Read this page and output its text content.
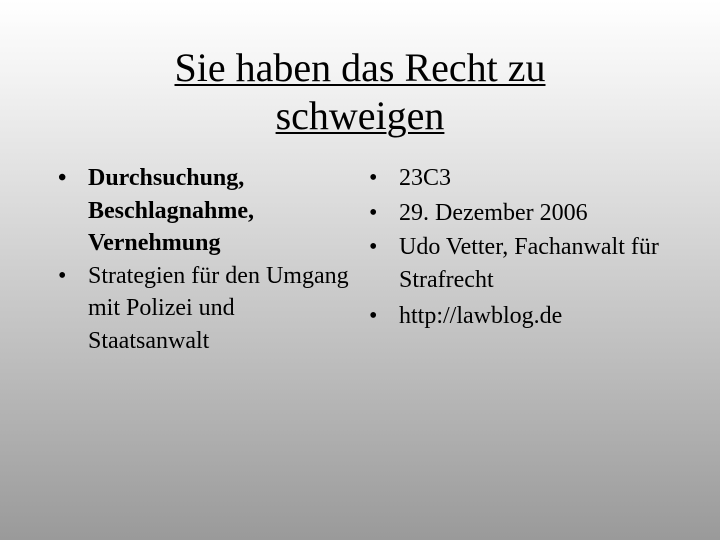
Sie haben das Recht zu
schweigen
• Durchsuchung, Beschlagnahme, Vernehmung
• Strategien für den Umgang mit Polizei und Staatsanwalt
• 23C3
• 29. Dezember 2006
• Udo Vetter, Fachanwalt für Strafrecht
• http://lawblog.de
